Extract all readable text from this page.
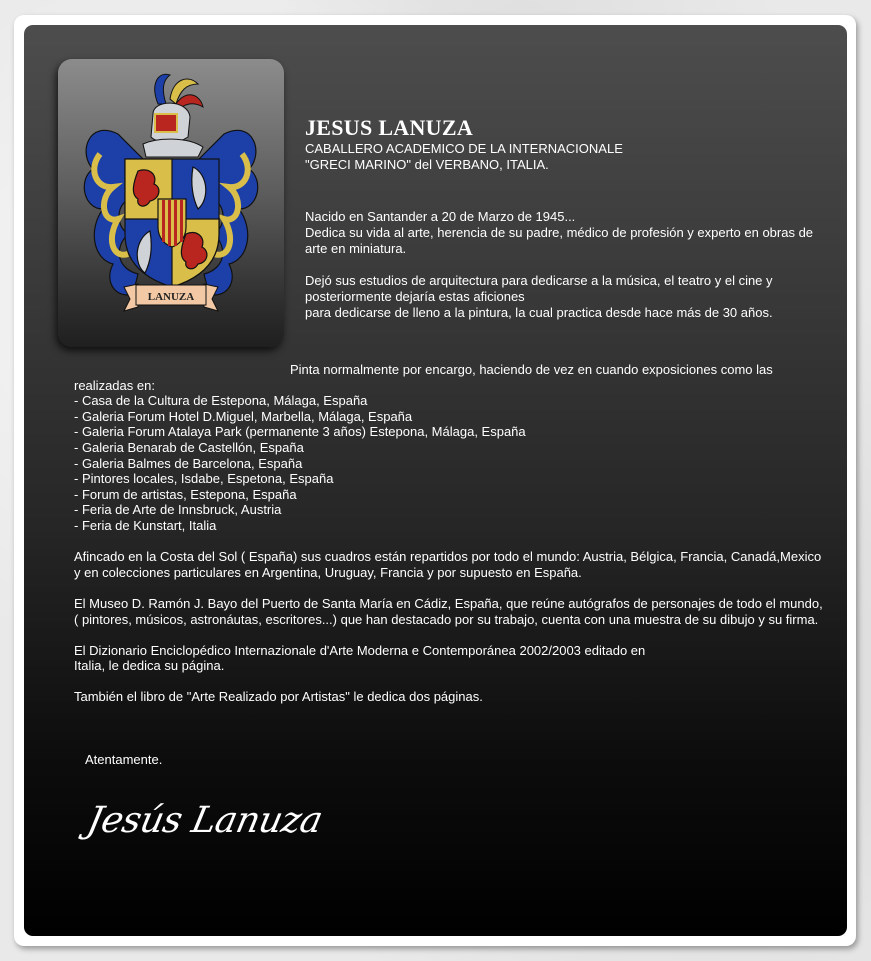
LANUZA
JESUS LANUZA
CABALLERO ACADEMICO DE LA INTERNACIONALE
"GRECI MARINO" del VERBANO, ITALIA.

Nacido en Santander a 20 de Marzo de 1945...
Dedica su vida al arte, herencia de su padre, médico de profesión y experto en obras de arte en miniatura.

Dejó sus estudios de arquitectura para dedicarse a la música, el teatro y el cine y posteriormente dejaría estas aficiones
para dedicarse de lleno a la pintura, la cual practica desde hace más de 30 años.

Pinta normalmente por encargo, haciendo de vez en cuando exposiciones como las realizadas en:

- Casa de la Cultura de Estepona, Málaga, España
- Galeria Forum Hotel D.Miguel, Marbella, Málaga, España
- Galeria Forum Atalaya Park (permanente 3 años) Estepona, Málaga, España
- Galeria Benarab de Castellón, España
- Galeria Balmes de Barcelona, España
- Pintores locales, Isdabe, Espetona, España
- Forum de artistas, Estepona, España
- Feria de Arte de Innsbruck, Austria
- Feria de Kunstart, Italia

Afincado en la Costa del Sol ( España) sus cuadros están repartidos por todo el mundo: Austria, Bélgica, Francia, Canadá,Mexico y en colecciones particulares en Argentina, Uruguay, Francia y por supuesto en España.

El Museo D. Ramón J. Bayo del Puerto de Santa María en Cádiz, España, que reúne autógrafos de personajes de todo el mundo, ( pintores, músicos, astronáutas, escritores...) que han destacado por su trabajo, cuenta con una muestra de su dibujo y su firma.

El Dizionario Enciclopédico Internazionale d'Arte Moderna e Contemporánea 2002/2003 editado en Italia, le dedica su página.

También el libro de "Arte Realizado por Artistas" le dedica dos páginas.

Atentamente.
Jesús Lanuza
